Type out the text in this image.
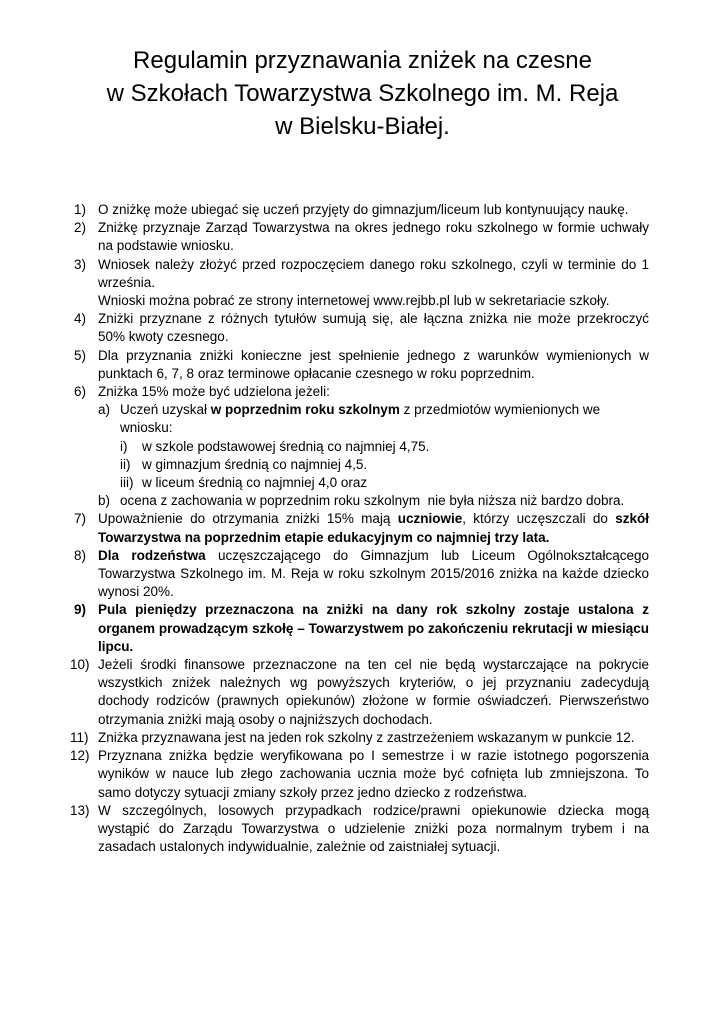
Regulamin przyznawania zniżek na czesne
w Szkołach Towarzystwa Szkolnego im. M. Reja
w Bielsku-Białej.
1) O zniżkę może ubiegać się uczeń przyjęty do gimnazjum/liceum lub kontynuujący naukę.
2) Zniżkę przyznaje Zarząd Towarzystwa na okres jednego roku szkolnego w formie uchwały na podstawie wniosku.
3) Wniosek należy złożyć przed rozpoczęciem danego roku szkolnego, czyli w terminie do 1 września.
Wnioski można pobrać ze strony internetowej www.rejbb.pl lub w sekretariacie szkoły.
4) Zniżki przyznane z różnych tytułów sumują się, ale łączna zniżka nie może przekroczyć 50% kwoty czesnego.
5) Dla przyznania zniżki konieczne jest spełnienie jednego z warunków wymienionych w punktach 6, 7, 8 oraz terminowe opłacanie czesnego w roku poprzednim.
6) Zniżka 15% może być udzielona jeżeli:
a) Uczeń uzyskał w poprzednim roku szkolnym z przedmiotów wymienionych we wniosku:
i) w szkole podstawowej średnią co najmniej 4,75.
ii) w gimnazjum średnią co najmniej 4,5.
iii) w liceum średnią co najmniej 4,0 oraz
b) ocena z zachowania w poprzednim roku szkolnym  nie była niższa niż bardzo dobra.
7) Upoważnienie do otrzymania zniżki 15% mają uczniowie, którzy uczęszczali do szkół Towarzystwa na poprzednim etapie edukacyjnym co najmniej trzy lata.
8) Dla rodzeństwa uczęszczającego do Gimnazjum lub Liceum Ogólnokształcącego Towarzystwa Szkolnego im. M. Reja w roku szkolnym 2015/2016 zniżka na każde dziecko wynosi 20%.
9) Pula pieniędzy przeznaczona na zniżki na dany rok szkolny zostaje ustalona z organem prowadzącym szkołę – Towarzystwem po zakończeniu rekrutacji w miesiącu lipcu.
10) Jeżeli środki finansowe przeznaczone na ten cel nie będą wystarczające na pokrycie wszystkich zniżek należnych wg powyższych kryteriów, o jej przyznaniu zadecydują dochody rodziców (prawnych opiekunów) złożone w formie oświadczeń. Pierwszeństwo otrzymania zniżki mają osoby o najniższych dochodach.
11) Zniżka przyznawana jest na jeden rok szkolny z zastrzeżeniem wskazanym w punkcie 12.
12) Przyznana zniżka będzie weryfikowana po I semestrze i w razie istotnego pogorszenia wyników w nauce lub złego zachowania ucznia może być cofnięta lub zmniejszona. To samo dotyczy sytuacji zmiany szkoły przez jedno dziecko z rodzeństwa.
13) W szczególnych, losowych przypadkach rodzice/prawni opiekunowie dziecka mogą wystąpić do Zarządu Towarzystwa o udzielenie zniżki poza normalnym trybem i na zasadach ustalonych indywidualnie, zależnie od zaistniałej sytuacji.
